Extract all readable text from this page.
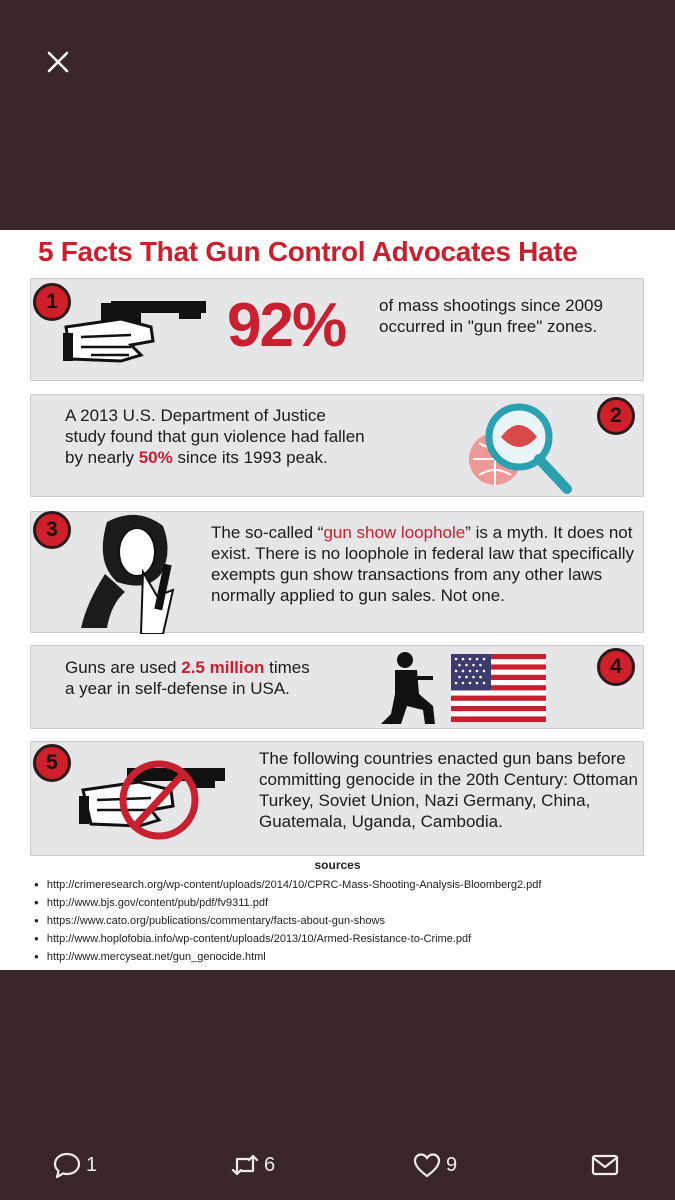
5 Facts That Gun Control Advocates Hate
1	92% of mass shootings since 2009 occurred in "gun free" zones.
A 2013 U.S. Department of Justice study found that gun violence had fallen by nearly 50% since its 1993 peak.
2
3	The so-called “gun show loophole” is a myth. It does not exist. There is no loophole in federal law that specifically exempts gun show transactions from any other laws normally applied to gun sales. Not one.
Guns are used 2.5 million times a year in self-defense in USA.
4
5	The following countries enacted gun bans before committing genocide in the 20th Century: Ottoman Turkey, Soviet Union, Nazi Germany, China, Guatemala, Uganda, Cambodia.
sources
● http://crimeresearch.org/wp-content/uploads/2014/10/CPRC-Mass-Shooting-Analysis-Bloomberg2.pdf
● http://www.bjs.gov/content/pub/pdf/fv9311.pdf
● https://www.cato.org/publications/commentary/facts-about-gun-shows
● http://www.hoplofobia.info/wp-content/uploads/2013/10/Armed-Resistance-to-Crime.pdf
● http://www.mercyseat.net/gun_genocide.html
1	6	9
